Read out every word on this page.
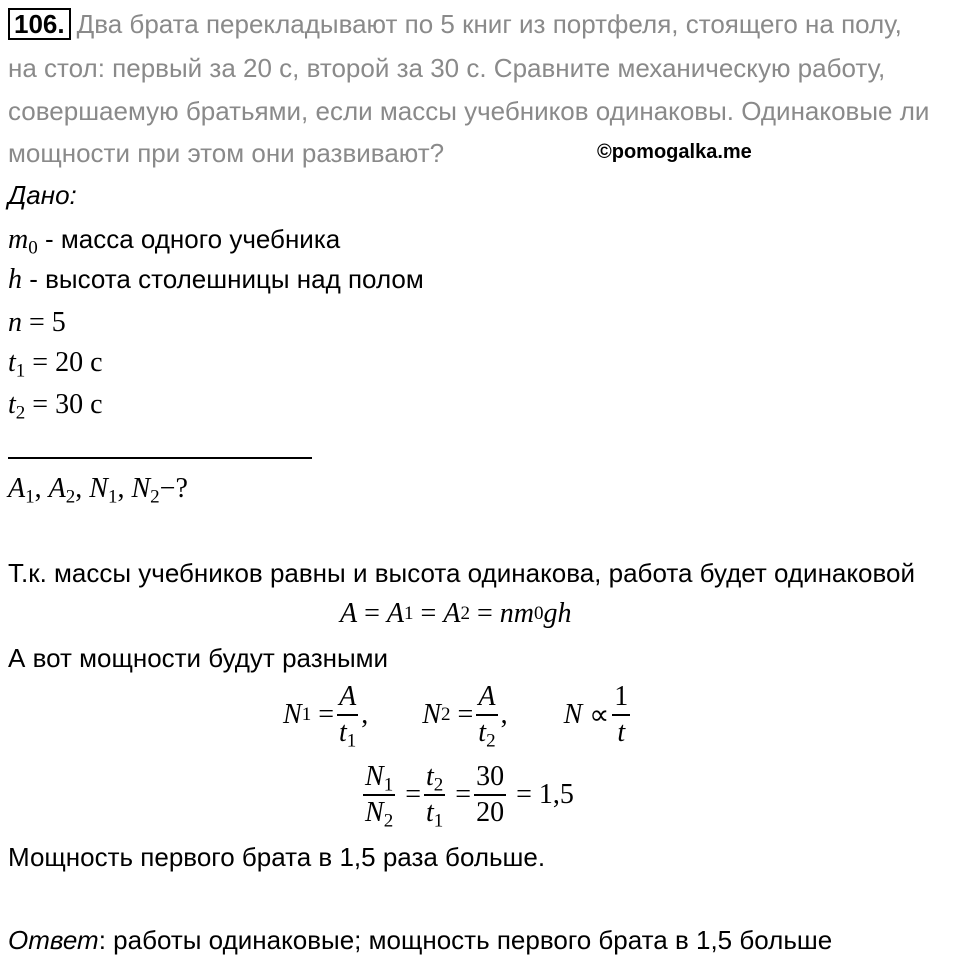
106. Два брата перекладывают по 5 книг из портфеля, стоящего на полу,
на стол: первый за 20 с, второй за 30 с. Сравните механическую работу,
совершаемую братьями, если массы учебников одинаковы. Одинаковые ли
мощности при этом они развивают?	©pomogalka.me
Дано:
$m_0$ - масса одного учебника
h - высота столешницы над полом
n = 5
$t_1 = 20$ с
$t_2 = 30$ с
$A_1$, $A_2$, $N_1$, $N_2-$?
Т.к. массы учебников равны и высота одинакова, работа будет одинаковой
A = A 1 = A 2 = n m 0 g h
А вот мощности будут разными
N $1 = \frac{A}{t_1}$ , N $2 = \frac{A}{t_2}$ , $N \propto \frac{1}{t}$
$\frac{N_1}{N_2} = \frac{t_2}{t_1} = \frac{30}{20} = 1,5$
Мощность первого брата в 1,5 раза больше.
Ответ: работы одинаковые; мощность первого брата в 1,5 больше
